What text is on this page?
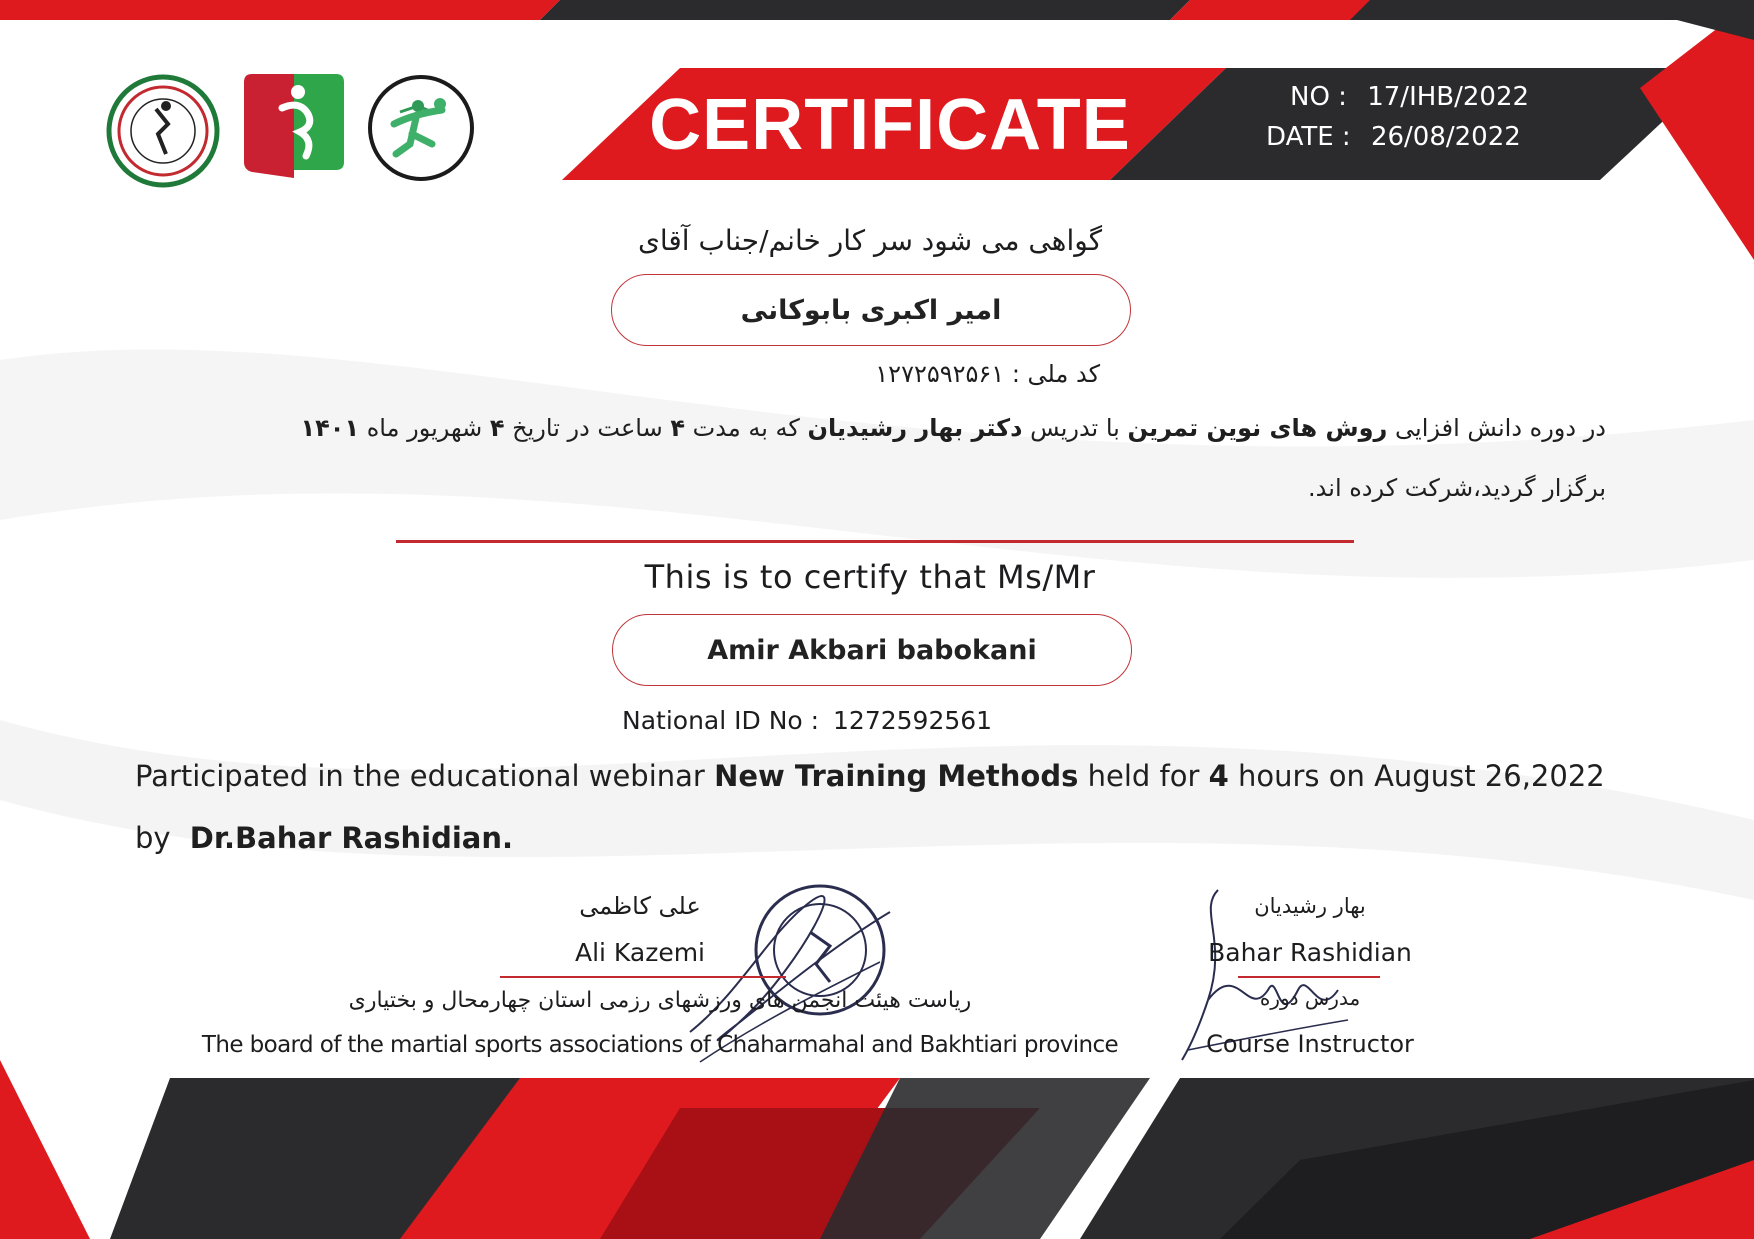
CERTIFICATE	NO : 17/IHB/2022
DATE : 26/08/2022
گواهی می شود سر کار خانم/جناب آقای
امیر اکبری بابوکانی
کد ملی : ۱۲۷۲۵۹۲۵۶۱
در دوره دانش افزایی روش های نوین تمرین با تدریس دکتر بهار رشیدیان که به مدت ۴ ساعت در تاریخ ۴ شهریور ماه ۱۴۰۱
برگزار گردید،شرکت کرده اند.
This is to certify that Ms/Mr
Amir Akbari babokani
National ID No : 1272592561
Participated in the educational webinar New Training Methods held for 4 hours on August 26,2022
by Dr.Bahar Rashidian.
علی کاظمی
Ali Kazemi
ریاست هیئت انجمن های ورزشهای رزمی استان چهارمحال و بختیاری
The board of the martial sports associations of Chaharmahal and Bakhtiari province
بهار رشیدیان
Bahar Rashidian
مدرس دوره
Course Instructor
